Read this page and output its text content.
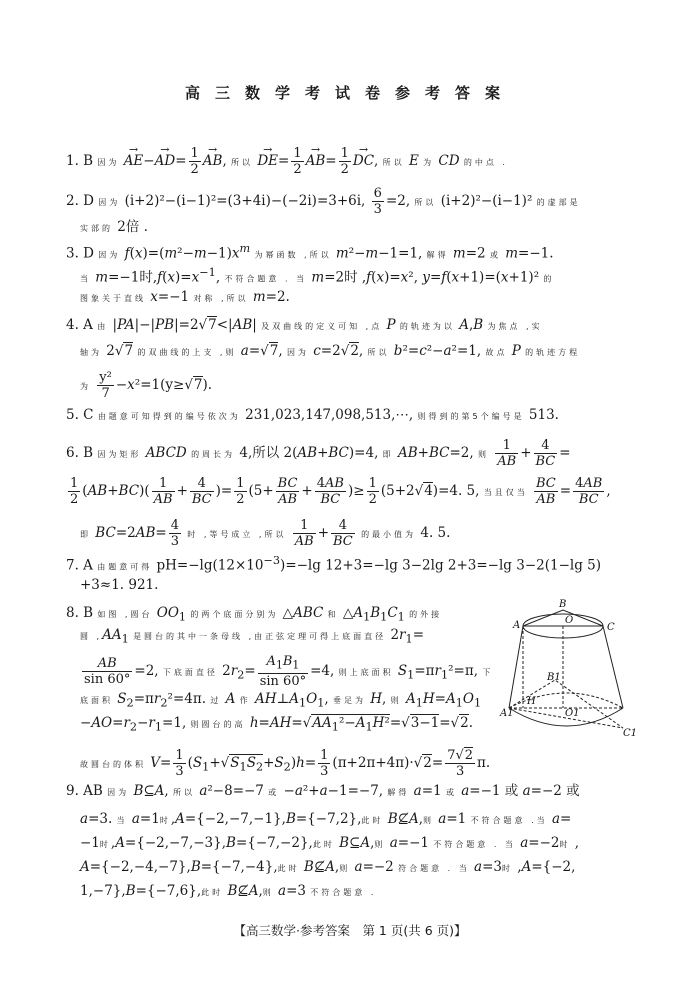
高三数学考试卷参考答案
1. B 因为 → $AE-\to AD= \frac{1}{2}$
→ AB, 所以 → $DE= \frac{1}{2}$
→ $AB= \frac{1}{2}$
→ DC, 所以 E 为 CD 的中点 .
2. D 因为 (i+2)²−(i−1)²=(3+4i)−(−2i)=3+6i, $\frac{6}{3} =2$, 所以 (i+2)²−(i−1)² 的虚部是
实部的 2倍 .
3. D 因为 $f(x)=(m^2-m-1)x^m$ 为幂函数 ,所以 m²−m−1=1, 解得 m=2 或 m=−1.
当 m=−1时$,f(x)=x^{-1}$, 不符合题意 . 当 m=2时 ,f(x)=x², y=f(x+1)=(x+1)² 的
图象关于直线 x=−1 对称 ,所以 m=2.
4. A 由 |PA|−|PB|=2√7<|AB| 及双曲线的定义可知 ,点 P 的轨迹为以 A,B 为焦点 ,实
轴为 2√7 的双曲线的上支 ,则 a=√7, 因为 c=2√2, 所以 b²=c²−a²=1, 故点 P 的轨迹方程
为 $\frac{\text{y²}}{7} -x^2=1(y\ge√7)$.
5. C 由题意可知得到的编号依次为 231,023,147,098,513,⋯, 则得到的第5个编号是 513.
6. B 因为矩形 ABCD 的周长为 4,所以 2(AB+BC)=4, 即 AB+BC=2, 则 $\frac{1}{AB} + \frac{4}{BC}$ =
$\frac{1}{2} (AB+BC)( \frac{1}{AB} + \frac{4}{BC}$ )= $\frac{1}{2} (5+ \frac{BC}{AB} + \frac{4AB}{BC}$ )≥ $\frac{1}{2} (5+2√4)=4$. 5, 当且仅当 $\frac{BC}{AB} = \frac{4AB}{BC}$ ,
即 $BC=2AB= \frac{4}{3}$ 时 ,等号成立 ,所以 $\frac{1}{AB} + \frac{4}{BC}$ 的最小值为 4. 5.
7. A 由题意可得 $pH=-\lg(12\times 10^{-3})=-\lg$ 12+3=−lg 3−2lg 2+3=−lg 3−2(1−lg 5)
+3≈1. 921.
8. B 如图 ,圆台 $OO_1$ 的两个底面分别为 △ABC 和 $\triangle A_1B_1C_1$ 的外接
圆 $,AA_1$ 是圆台的其中一条母线 ,由正弦定理可得上底面直径 $2r_1=$
$\frac{AB}{\sin 60^\circ} =2$, 下底面直径 $2r_2= \frac{A_1B_1}{\sin 60^\circ} =4$, 则上底面积 $S_1=\pi r_1^2=\pi$, 下
底面积 $S_2=\pi r_2^2=4\pi$. 过 A 作 $AH\perp A_1O_1$, 垂足为 H, 则 $A_1H=A_1O_1$
$-AO=r_2-r_1=1$, 则圆台的高 $h=AH=√AA_1^2-A_1H^2=√3-1=√2$.
故圆台的体积 $V= \frac{1}{3} (S_1+√S_1S_2+S_2)h= \frac{1}{3} (\pi+2\pi+4\pi)\cdot√2= \frac{7√2}{3} \pi$.
9. AB 因为 B⊆A, 所以 a²−8=−7 或 −a²+a−1=−7, 解得 a=1 或 a=−1 或 a=−2 或
a=3. 当 a=1时,A={−2,−7,−1},B={−7,2},此时 B⊈A,则 a=1 不符合题意 .当 a=
−1时,A={−2,−7,−3},B={−7,−2},此时 B⊆A,则 a=−1 不符合题意 . 当 a=−2时 ,
A={−2,−4,−7},B={−7,−4},此时 B⊈A,则 a=−2 符合题意 . 当 a=3时 ,A={−2,
1,−7},B={−7,6},此时 B⊈A,则 a=3 不符合题意 .
A
B
C
O
B1
H
O1
A1
C1
【高三数学·参考答案　第 1 页(共 6 页)】
